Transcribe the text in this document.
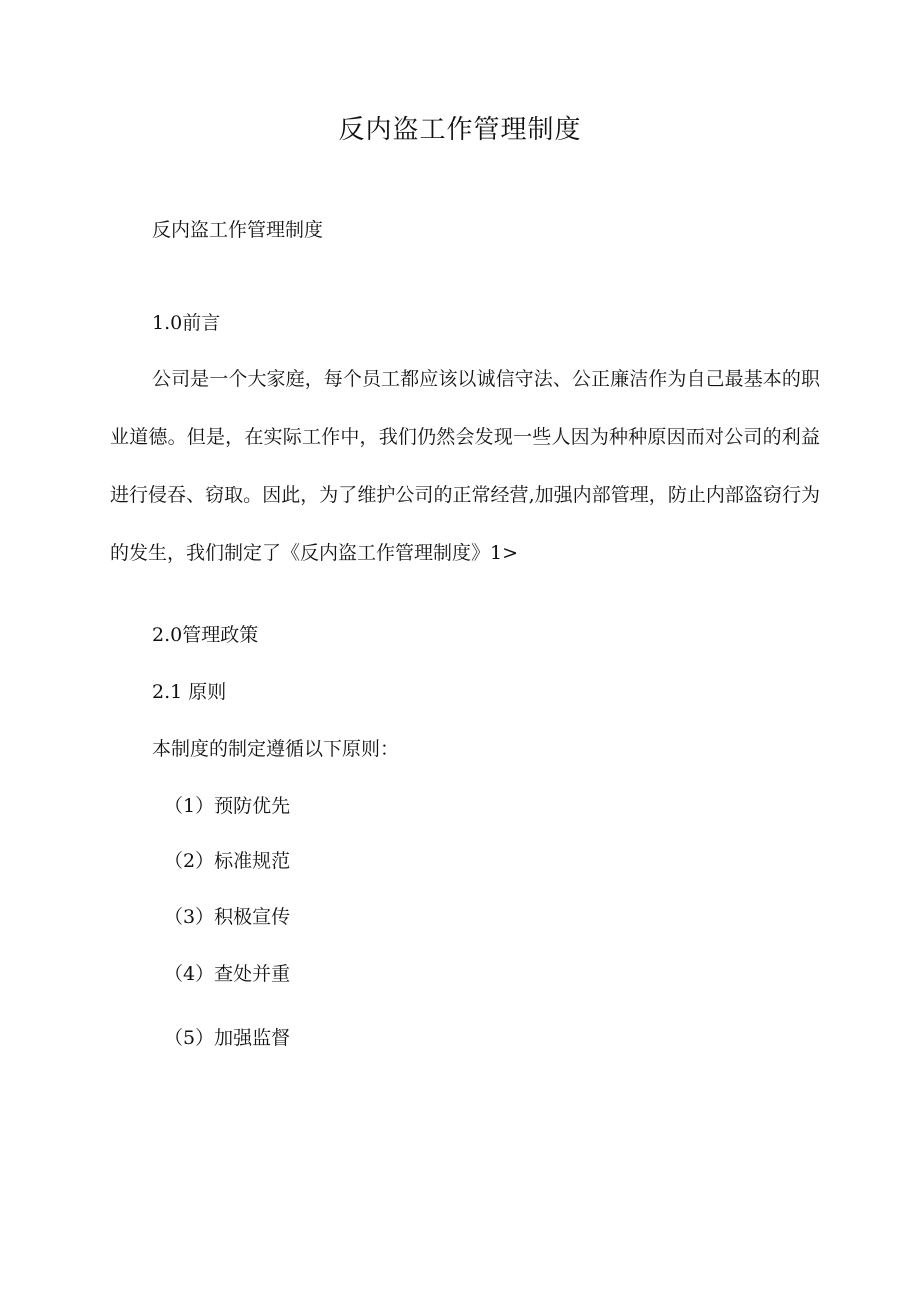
反内盗工作管理制度
反内盗工作管理制度
1.0前言
公司是一个大家庭，每个员工都应该以诚信守法、公正廉洁作为自己最基本的职业道德。但是，在实际工作中，我们仍然会发现一些人因为种种原因而对公司的利益进行侵吞、窃取。因此，为了维护公司的正常经营,加强内部管理，防止内部盗窃行为的发生，我们制定了《反内盗工作管理制度》1>
2.0管理政策
2.1 原则
本制度的制定遵循以下原则：
（1）预防优先
（2）标准规范
（3）积极宣传
（4）查处并重
（5）加强监督
